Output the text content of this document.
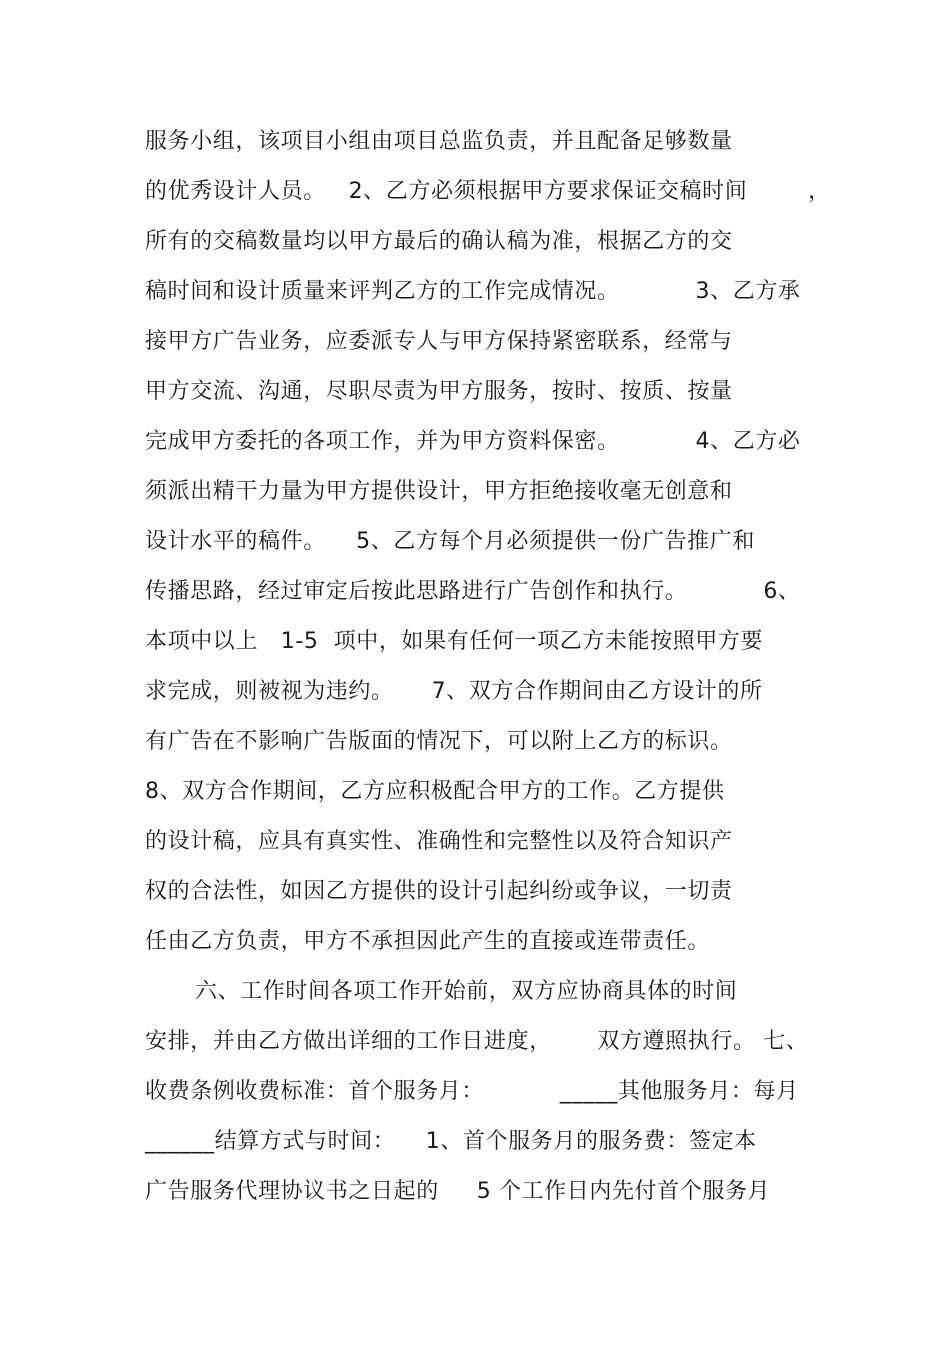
服务小组，该项目小组由项目总监负责，并且配备足够数量
的优秀设计人员。   2、乙方必须根据甲方要求保证交稿时间        ，
所有的交稿数量均以甲方最后的确认稿为准，根据乙方的交
稿时间和设计质量来评判乙方的工作完成情况。          3、乙方承
接甲方广告业务，应委派专人与甲方保持紧密联系，经常与
甲方交流、沟通，尽职尽责为甲方服务，按时、按质、按量
完成甲方委托的各项工作，并为甲方资料保密。          4、乙方必
须派出精干力量为甲方提供设计，甲方拒绝接收毫无创意和
设计水平的稿件。    5、乙方每个月必须提供一份广告推广和
传播思路，经过审定后按此思路进行广告创作和执行。          6、
本项中以上   1-5  项中，如果有任何一项乙方未能按照甲方要
求完成，则被视为违约。     7、双方合作期间由乙方设计的所
有广告在不影响广告版面的情况下，可以附上乙方的标识。
8、双方合作期间，乙方应积极配合甲方的工作。乙方提供
的设计稿，应具有真实性、准确性和完整性以及符合知识产
权的合法性，如因乙方提供的设计引起纠纷或争议，一切责
任由乙方负责，甲方不承担因此产生的直接或连带责任。
六、工作时间各项工作开始前，双方应协商具体的时间
安排，并由乙方做出详细的工作日进度，      双方遵照执行。 七、
收费条例收费标准：首个服务月：          _____其他服务月：每月
______结算方式与时间：    1、首个服务月的服务费：签定本
广告服务代理协议书之日起的     5 个工作日内先付首个服务月
